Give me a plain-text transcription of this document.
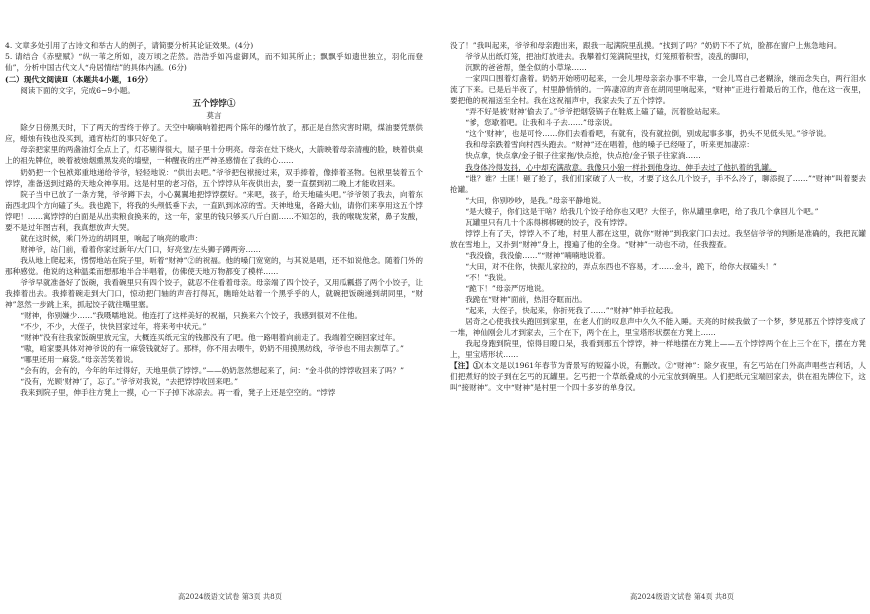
4. 文章多处引用了古诗文和举古人的例子，请简要分析其论证效果。(4分)

5. 请结合《赤壁赋》“纵一苇之所如，凌万顷之茫然。浩浩乎如冯虚御风，而不知其所止；飘飘乎如遗世独立，羽化而登仙”，分析中国古代文人“舟居情结”的具体内涵。(6分)

(二）现代文阅读Ⅱ（本题共4小题，16分）

阅读下面的文字，完成6~9小题。

五个饽饽①

莫言

除夕日傍黑天时，下了两天的雪终于停了。天空中嘀嘀响着把两个陈年的爆竹放了，那正是自然灾害时期，煤油要凭票供应，蜡烛有钱也没买到，通宵枯灯的事只好免了。

母亲把家里的两盏油灯全点上了，灯芯剔得很大，屋子里十分明亮。母亲在灶下烧火，大箭映着母亲清瘦的脸，映着供桌上的祖先牌位，映着被烛烟熏黑发亮的墙壁，一种醒夜的庄严神圣感情在了我的心……

奶奶把一个包袱郑重地递给爷爷，轻轻地说：“供出去吧。”爷爷把包袱接过来，双手捧着，像捧着圣物。包袱里装着五个饽饽，准备送到过路的天地众神享用。这是村里的老习俗，五个饽饽从年夜供出去，要一直摆到初二晚上才能收回来。

院子当中已放了一条方凳，爷爷蹲下去，小心翼翼地把饽饽摆好。“来吧，孩子，给天地磕头吧。”爷爷领了我去，向着东南西北四个方向磕了头。我也跪下，将我的头颅低垂下去，一直趴到冰凉的雪。天神地鬼，各路大仙，请你们来享用这五个饽饽吧！……寓饽饽的白面是从出卖粮食换来的，这一年，家里的钱只够买八斤白面……不知怎的，我的喉咙发紧，鼻子发酸，要不是过年图吉利，我真想放声大哭。

就在这时候，乘门外边的胡同里，响起了响亮的歌声：

财神爷，站门前，看着你家过新年/大门口，好亮堂/左头狮子蹲两旁……

我从地上爬起来，愣愣地站在院子里，听着“财神”②的祝福。他的嗓门宽宽的，与其说是唱，还不如说他念。随着门外的那种感觉。他说的这种温柔而想那地半合半唱着，仿佛使天地万物都变了模样……

爷爷早就准备好了饭碗，我看碗里只有四个饺子，就忍不住看着母亲。母亲端了四个饺子，又用瓜瓤搭了两个小饺子，让我捧着出去。我捧着碗走到大门口，惊动把门轴的声音打得瓦，瞧暗处站着一个黑乎乎的人，就碗把饭碗递到胡同里，“财神”忽然一步跳上来，抓起饺子就往嘴里塞。

“财神，你别嫌少……”我嗫嚅地说。他连打了这样美好的祝福，只换来六个饺子，我感到很对不住他。

“不少，不少，大侄子，快快回家过年，将来考中状元。”

“财神”没有往我家饭碗里放元宝，大概连买纸元宝的钱都没有了吧。他一路唱着向前走了。我端着空碗回家过年。

“嗷，咱家要具体对神爷说的有一麻袋钱就好了。那样，你不用去喂牛，奶奶不用摸黑纺线，爷爷也不用去割草了。”

“哪里还用一麻袋。”母亲苦笑着说。

“会有的，会有的，今年的年过得好，天地里供了饽饽。”——奶奶忽然想起来了，问：“金斗供的饽饽收回来了吗？”

“没有，光顾‘财神’了，忘了。”爷爷对我说，“去把饽饽收回来吧。”

我来到院子里，伸手往方凳上一摸，心一下子掉下冰凉去。再一看，凳子上还是空空的。“饽饽

没了！”我叫起来，爷爷和母亲跑出来，跟我一起满院里乱摸。“找到了吗？”奶奶下不了炕，脸都在窗户上焦急地问。

爷爷从出纸灯笼，把油灯放进去。我攀着灯笼满院里找，灯笼照着积雪，凌乱的脚印，

沉默的爸爸帮，堡全似的小草垛……

一家四口围着灯盏着。奶奶开始唠叨起来，一会儿埋母亲亲办事不牢靠，一会儿骂自己老糊涂，继而念失白，两行泪水流了下来。已是后半夜了，村里静悄悄的。一阵凄凉的声音在胡同里响起来，“财神”正进行着最后的工作，他在这一夜里，要把他的祝福送至全村。我在这祝福声中，我家去失了五个饽饽。

“弄不好是被‘财神’偷去了。”爷爷把烟袋锅子在鞋底上磕了磕，沉着脸站起来。

“爹，您歇着吧。让我和斗子去……”母亲说。

“这个‘财神’，也是可怜……你们去看看吧，有就有，没有就拉倒，别成起事多事，扔头不见低头见。”爷爷说。

我和母亲跌着雪向村西头跑去。“财神”还在唱着，他的嗓子已经哑了，听来更加凄凉：

快点拿，快点拿/金子银子往家拖/快点抢，快点抢/金子银子往家淌……

我身体冷得发抖，心中却充满敌意。我像只小狼一样扑到他身边，伸手去过了他扒着的乳罐。

“谁？谁？土匪！砸了抢了，我们们家破了人一枚，才要了这么几个饺子，手不么冷了，聊添捉了……”“财神”叫着要去抢罐。

“大田，你别吵吵，是我。”母亲平静地说。

“是大嫂子，你们这是干啥？给我几个饺子给你也又吧？大侄子，你从罐里拿吧，给了我几个拿回儿个吧。”

瓦罐里只有几十个冻得梆梆硬的饺子，没有饽饽。

饽饽上有了天，饽饽入不了地，村里人都在这里，就你“财神”到我家门口去过。我坚信爷爷的判断是准确的，我把瓦罐放在雪地上，又扑到“财神”身上，搜遍了他的全身。“财神”一动也不动，任我搜查。

“我没偷，我没偷……”“财神”喃喃地说着。

“大田，对不住你，快振儿家拉的，弄点东西也不容易，才……金斗，跪下，给你大叔磕头！”

“不！”我说。

“跪下！”母亲严厉地说。

我跪在“财神”面前，热泪夺眶而出。

“起来，大侄子，快起来，你折死我了……”“财神”伸手拉起我。

居奇之心使我找头跑回到家里，在老人们的叹息声中久久不能入睡。天亮的时候我做了一个梦，梦见那五个饽饽变成了一堆，神仙刚会儿才到家去，三个在下，两个在上，里宝塔形状摆在方凳上……

我起身跑到院里，惊得目瞪口呆，我看到那五个饽饽，神一样地摆在方凳上——五个饽饽两个在上三个在下，摆在方凳上，里宝塔形状……

【注】①(本文是以1961年春节为背景写的短篇小说，有删改。②“财神”：除夕夜里，有乞丐站在门外高声唱些吉利话，人们把煮好的饺子到在乞丐的瓦罐里。乞丐把一个草纸叠成的小元宝放到碗里。人们把纸元宝端回家去，供在祖先牌位下，这叫“接财神”。文中“财神”是村里一个四十多岁的单身汉。

高2024级语文试卷 第3页 共8页	高2024级语文试卷 第4页 共8页
